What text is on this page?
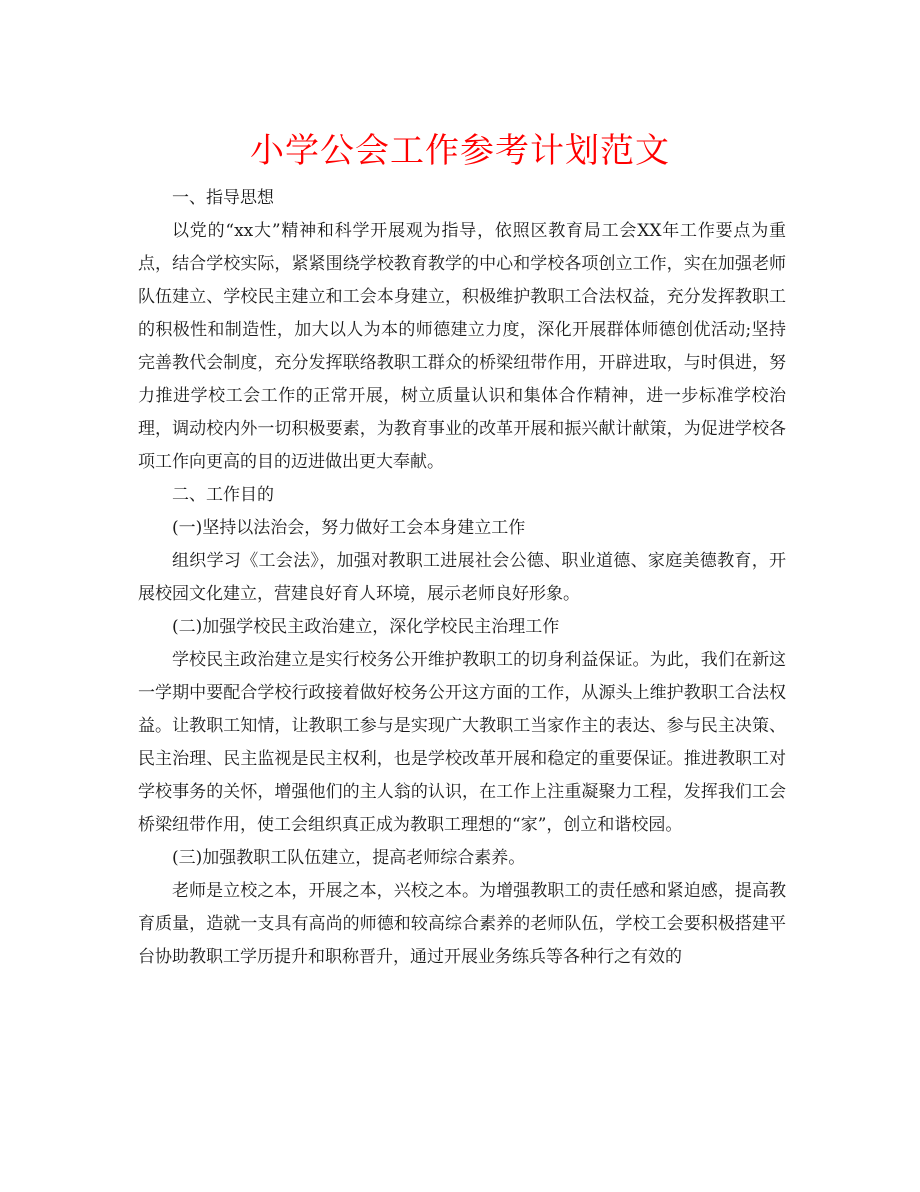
小学公会工作参考计划范文

一、指导思想

以党的“xx大”精神和科学开展观为指导，依照区教育局工会XX年工作要点为重点，结合学校实际，紧紧围绕学校教育教学的中心和学校各项创立工作，实在加强老师队伍建立、学校民主建立和工会本身建立，积极维护教职工合法权益，充分发挥教职工的积极性和制造性，加大以人为本的师德建立力度，深化开展群体师德创优活动;坚持完善教代会制度，充分发挥联络教职工群众的桥梁纽带作用，开辟进取，与时俱进，努力推进学校工会工作的正常开展，树立质量认识和集体合作精神，进一步标准学校治理，调动校内外一切积极要素，为教育事业的改革开展和振兴献计献策，为促进学校各项工作向更高的目的迈进做出更大奉献。

二、工作目的

(一)坚持以法治会，努力做好工会本身建立工作

组织学习《工会法》，加强对教职工进展社会公德、职业道德、家庭美德教育，开展校园文化建立，营建良好育人环境，展示老师良好形象。

(二)加强学校民主政治建立，深化学校民主治理工作

学校民主政治建立是实行校务公开维护教职工的切身利益保证。为此，我们在新这一学期中要配合学校行政接着做好校务公开这方面的工作，从源头上维护教职工合法权益。让教职工知情，让教职工参与是实现广大教职工当家作主的表达、参与民主决策、民主治理、民主监视是民主权利，也是学校改革开展和稳定的重要保证。推进教职工对学校事务的关怀，增强他们的主人翁的认识，在工作上注重凝聚力工程，发挥我们工会桥梁纽带作用，使工会组织真正成为教职工理想的“家”，创立和谐校园。

(三)加强教职工队伍建立，提高老师综合素养。

老师是立校之本，开展之本，兴校之本。为增强教职工的责任感和紧迫感，提高教育质量，造就一支具有高尚的师德和较高综合素养的老师队伍，学校工会要积极搭建平台协助教职工学历提升和职称晋升，通过开展业务练兵等各种行之有效的
